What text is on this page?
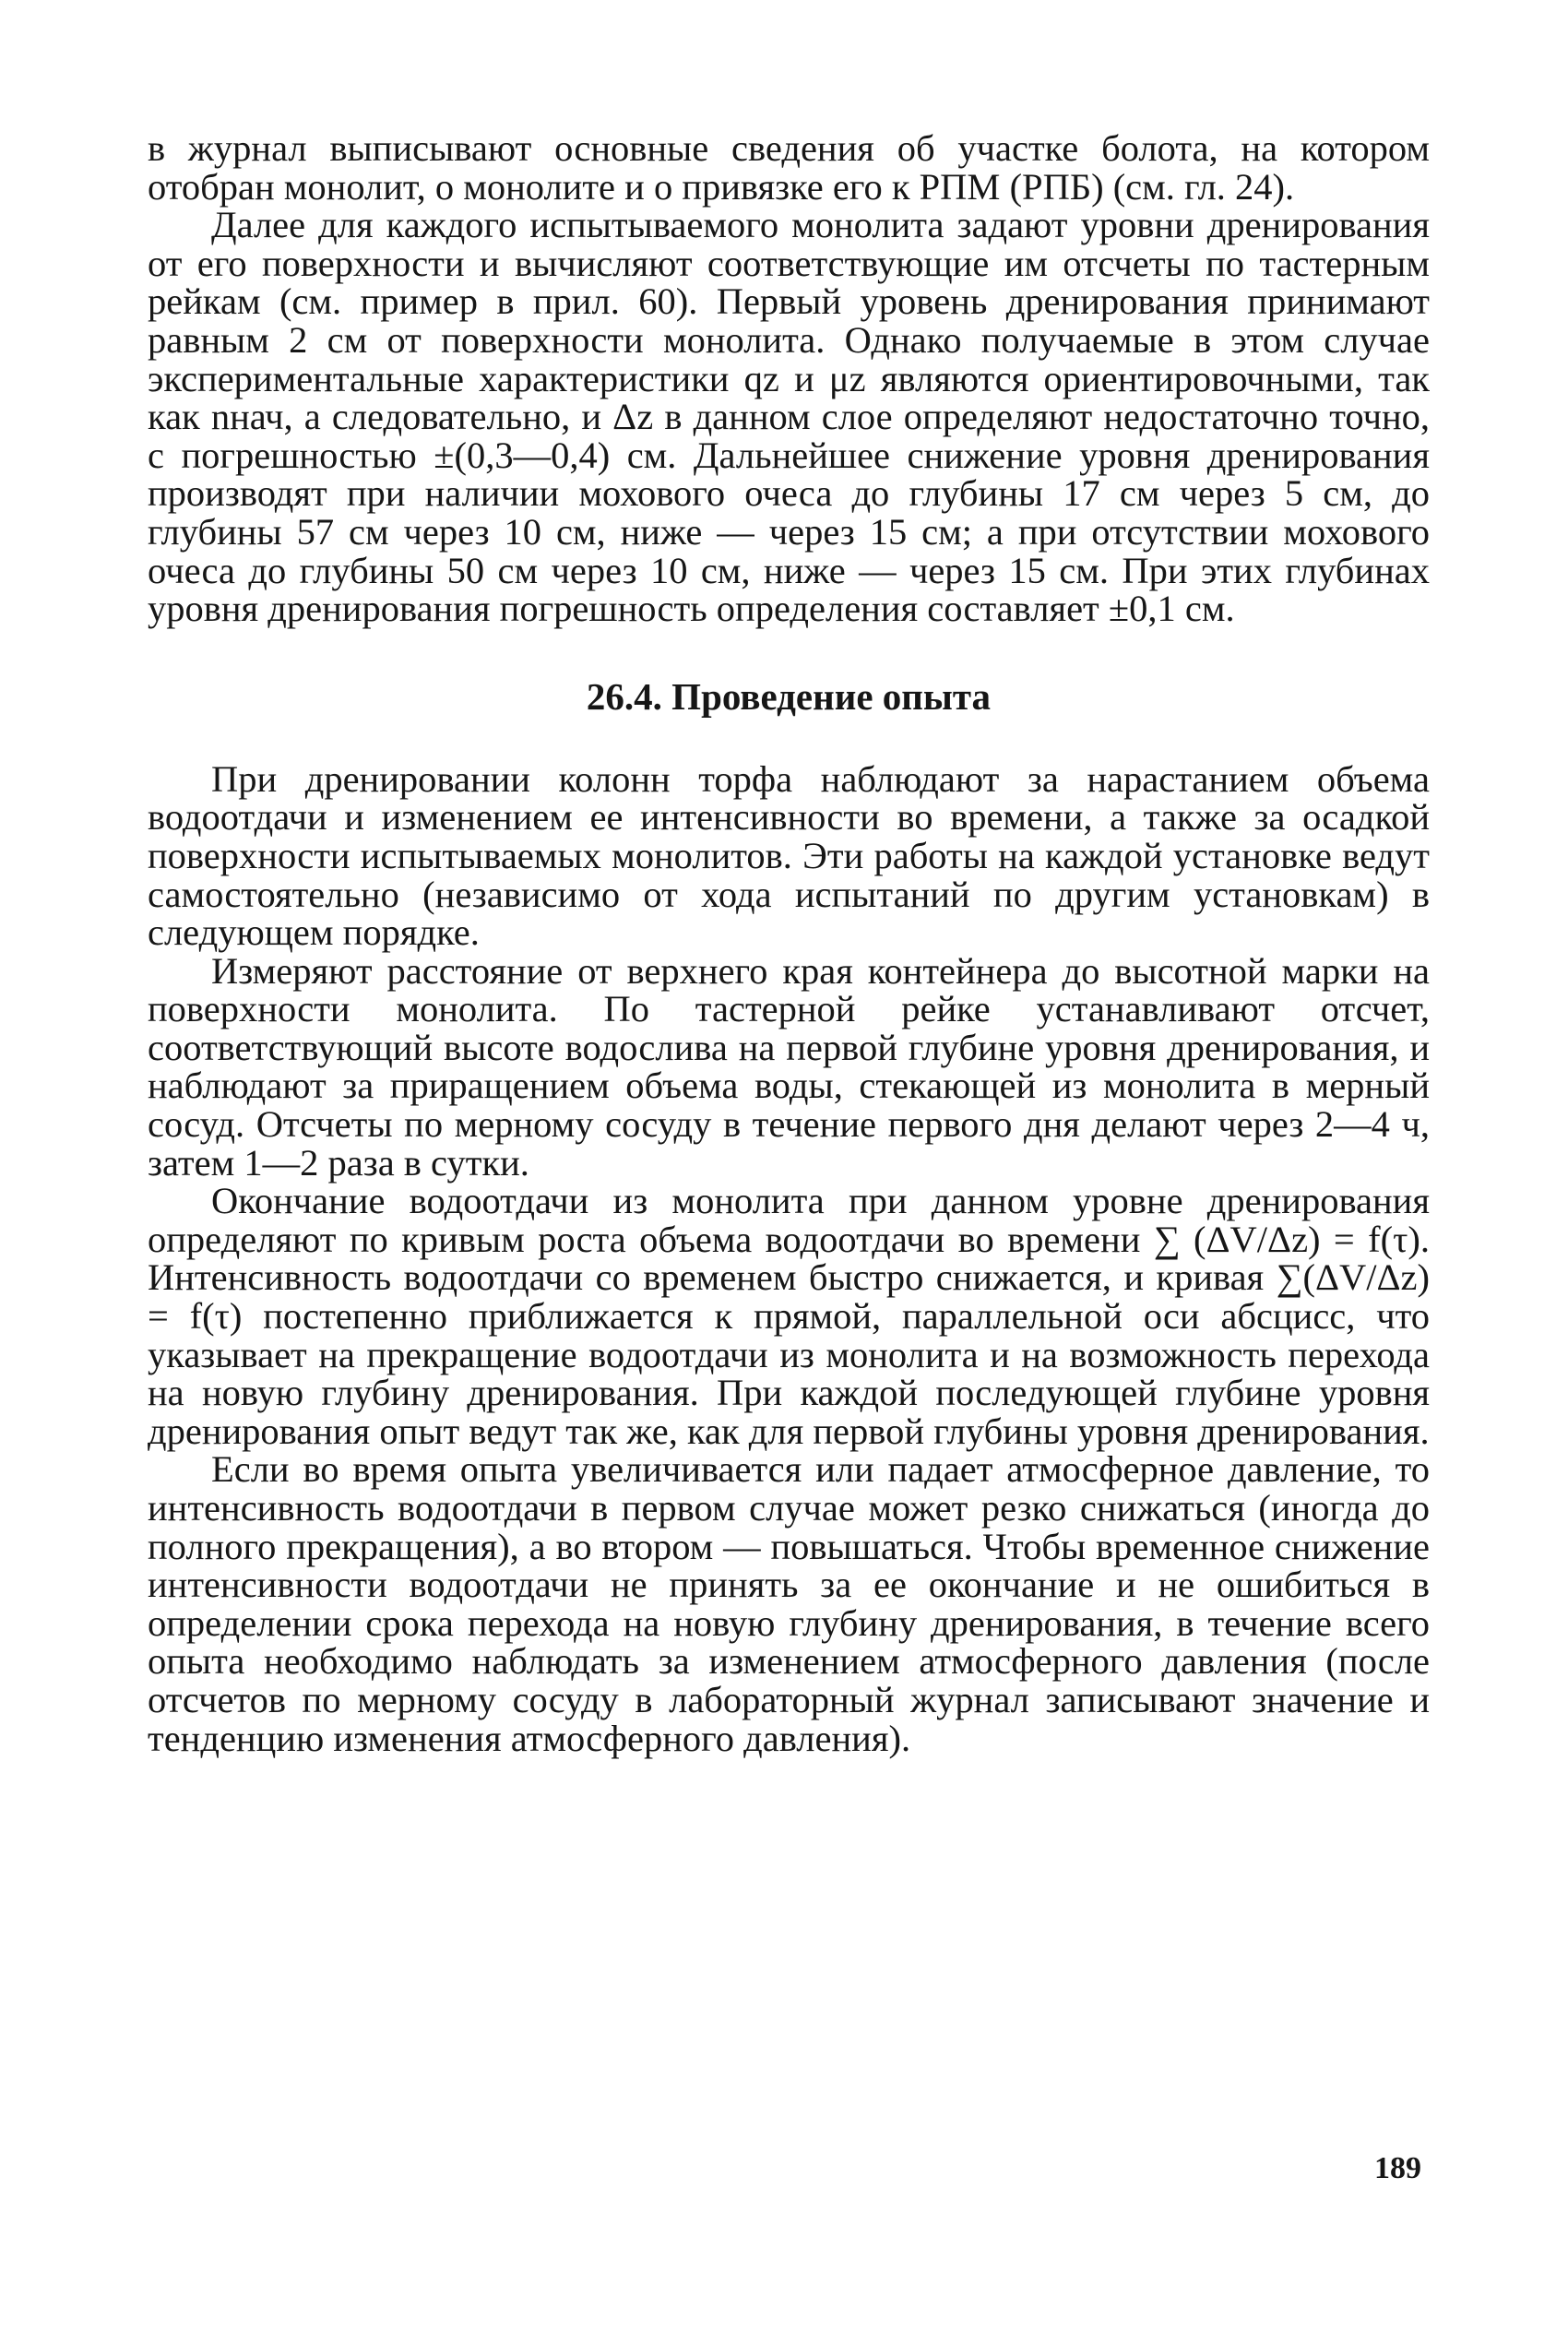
в журнал выписывают основные сведения об участке болота, на котором отобран монолит, о монолите и о привязке его к РПМ (РПБ) (см. гл. 24).

Далее для каждого испытываемого монолита задают уровни дренирования от его поверхности и вычисляют соответствующие им отсчеты по тастерным рейкам (см. пример в прил. 60). Первый уровень дренирования принимают равным 2 см от поверхности монолита. Однако получаемые в этом случае экспериментальные характеристики qz и μz являются ориентировочными, так как nнач, а следовательно, и Δz в данном слое определяют недостаточно точно, с погрешностью ±(0,3—0,4) см. Дальнейшее снижение уровня дренирования производят при наличии мохового очеса до глубины 17 см через 5 см, до глубины 57 см через 10 см, ниже — через 15 см; а при отсутствии мохового очеса до глубины 50 см через 10 см, ниже — через 15 см. При этих глубинах уровня дренирования погрешность определения составляет ±0,1 см.

26.4. Проведение опыта

При дренировании колонн торфа наблюдают за нарастанием объема водоотдачи и изменением ее интенсивности во времени, а также за осадкой поверхности испытываемых монолитов. Эти работы на каждой установке ведут самостоятельно (независимо от хода испытаний по другим установкам) в следующем порядке.

Измеряют расстояние от верхнего края контейнера до высотной марки на поверхности монолита. По тастерной рейке устанавливают отсчет, соответствующий высоте водослива на первой глубине уровня дренирования, и наблюдают за приращением объема воды, стекающей из монолита в мерный сосуд. Отсчеты по мерному сосуду в течение первого дня делают через 2—4 ч, затем 1—2 раза в сутки.

Окончание водоотдачи из монолита при данном уровне дренирования определяют по кривым роста объема водоотдачи во времени ∑ (ΔV/Δz) = f(τ). Интенсивность водоотдачи со временем быстро снижается, и кривая ∑(ΔV/Δz) = f(τ) постепенно приближается к прямой, параллельной оси абсцисс, что указывает на прекращение водоотдачи из монолита и на возможность перехода на новую глубину дренирования. При каждой последующей глубине уровня дренирования опыт ведут так же, как для первой глубины уровня дренирования.

Если во время опыта увеличивается или падает атмосферное давление, то интенсивность водоотдачи в первом случае может резко снижаться (иногда до полного прекращения), а во втором — повышаться. Чтобы временное снижение интенсивности водоотдачи не принять за ее окончание и не ошибиться в определении срока перехода на новую глубину дренирования, в течение всего опыта необходимо наблюдать за изменением атмосферного давления (после отсчетов по мерному сосуду в лабораторный журнал записывают значение и тенденцию изменения атмосферного давления).

189
